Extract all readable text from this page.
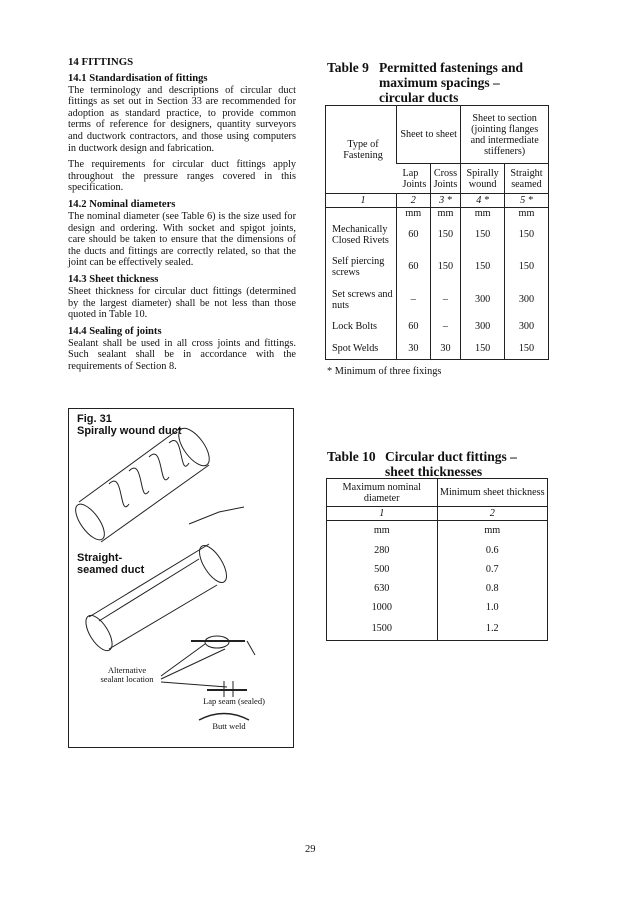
14 FITTINGS
14.1 Standardisation of fittings

The terminology and descriptions of circular duct fittings as set out in Section 33 are recommended for adoption as standard practice, to provide common terms of reference for designers, quantity surveyors and ductwork contractors, and those using computers in ductwork design and fabrication.

The requirements for circular duct fittings apply throughout the pressure ranges covered in this specification.

14.2 Nominal diameters

The nominal diameter (see Table 6) is the size used for design and ordering. With socket and spigot joints, care should be taken to ensure that the dimensions of the ducts and fittings are correctly related, so that the joint can be effectively sealed.

14.3 Sheet thickness

Sheet thickness for circular duct fittings (determined by the largest diameter) shall be not less than those quoted in Table 10.

14.4 Sealing of joints

Sealant shall be used in all cross joints and fittings. Such sealant shall be in accordance with the requirements of Section 8.

Fig. 31
Spirally wound duct
Straight-seamed duct
Alternative sealant location
Lap seam (sealed)
Butt weld
Table 9 Permitted fastenings and
maximum spacings –
circular ducts
Type of Fastening	Sheet to sheet		Sheet to section (jointing flanges and intermediate stiffeners)	
	Lap Joints	Cross Joints	Spirally wound	Straight seamed
1	2	3 *	4 *	5 *
	mm	mm	mm	mm
Mechanically Closed Rivets	60	150	150	150
Self piercing screws	60	150	150	150
Set screws and nuts	–	–	300	300
Lock Bolts	60	–	300	300
Spot Welds	30	30	150	150
* Minimum of three fixings
Table 10 Circular duct fittings –
sheet thicknesses
Maximum nominal diameter	Minimum sheet thickness
1	2
mm	mm
280	0.6
500	0.7
630	0.8
1000	1.0
1500	1.2
29
